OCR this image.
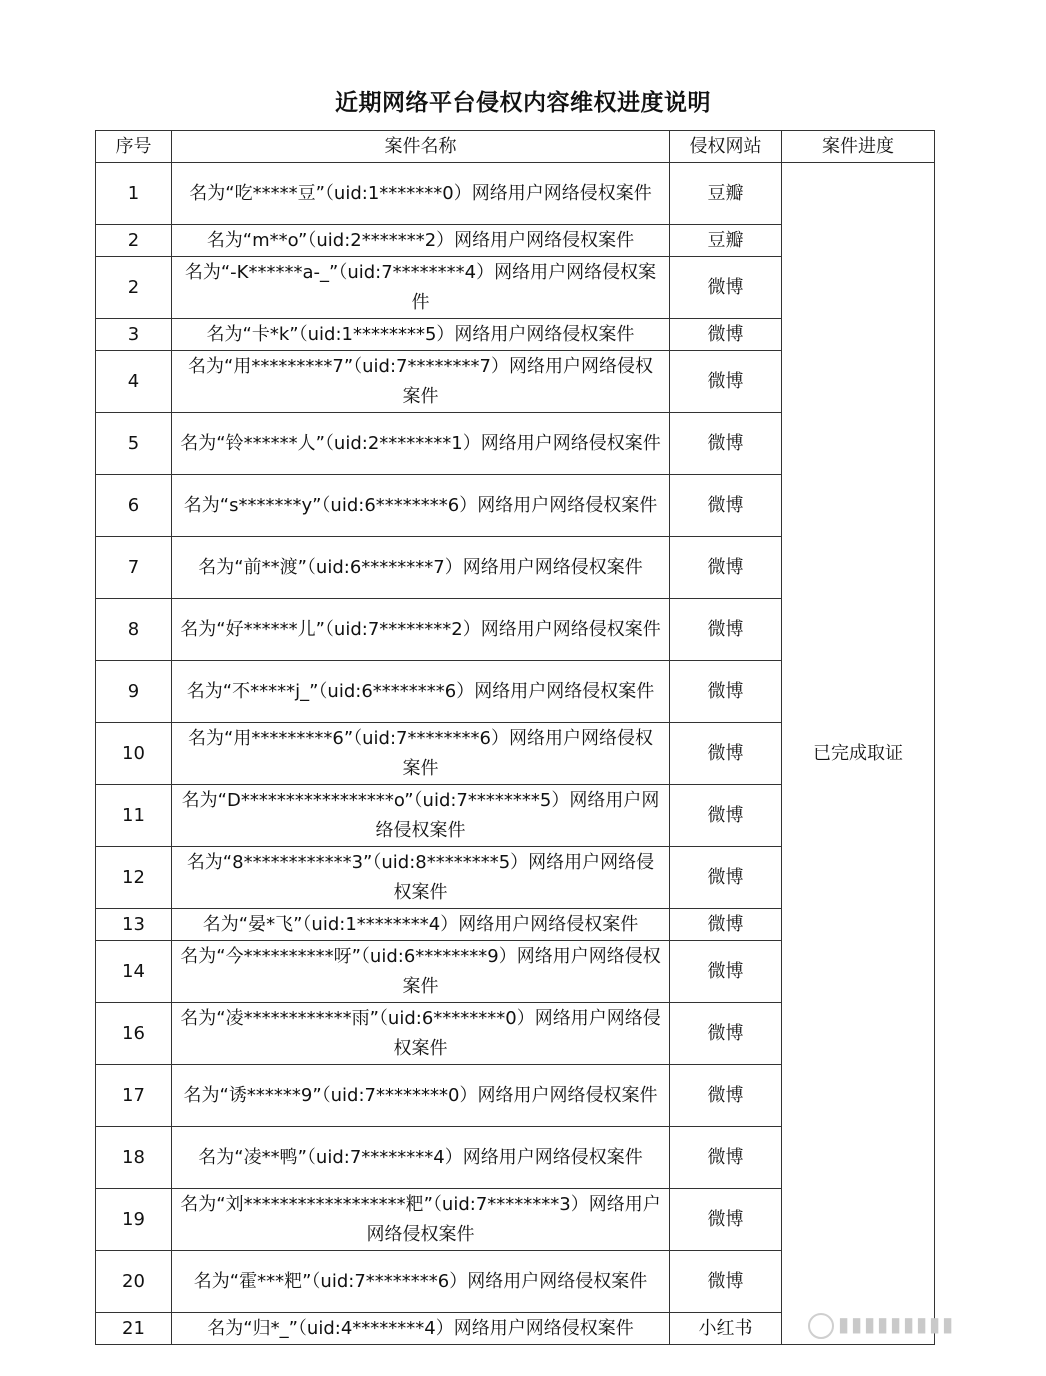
近期网络平台侵权内容维权进度说明
序号	案件名称	侵权网站	案件进度
1	名为“吃*****豆”（uid:1*******0）网络用户网络侵权案件	豆瓣	已完成取证
2	名为“m**o”（uid:2*******2）网络用户网络侵权案件	豆瓣	
2	名为“-K******a-_”（uid:7********4）网络用户网络侵权案件	微博	
3	名为“卡*k”（uid:1********5）网络用户网络侵权案件	微博	
4	名为“用*********7”（uid:7********7）网络用户网络侵权案件	微博	
5	名为“铃******人”（uid:2********1）网络用户网络侵权案件	微博	
6	名为“s*******y”（uid:6********6）网络用户网络侵权案件	微博	
7	名为“前**渡”（uid:6********7）网络用户网络侵权案件	微博	
8	名为“好******儿”（uid:7********2）网络用户网络侵权案件	微博	
9	名为“不*****j_”（uid:6********6）网络用户网络侵权案件	微博	
10	名为“用*********6”（uid:7********6）网络用户网络侵权案件	微博	
11	名为“D*****************o”（uid:7********5）网络用户网络侵权案件	微博	
12	名为“8************3”（uid:8********5）网络用户网络侵权案件	微博	
13	名为“晏*飞”（uid:1********4）网络用户网络侵权案件	微博	
14	名为“今**********呀”（uid:6********9）网络用户网络侵权案件	微博	
16	名为“凌************雨”（uid:6********0）网络用户网络侵权案件	微博	
17	名为“诱******9”（uid:7********0）网络用户网络侵权案件	微博	
18	名为“凌**鸭”（uid:7********4）网络用户网络侵权案件	微博	
19	名为“刘******************粑”（uid:7********3）网络用户网络侵权案件	微博	
20	名为“霍***粑”（uid:7********6）网络用户网络侵权案件	微博	
21	名为“归*_”（uid:4********4）网络用户网络侵权案件	小红书		▮▮▮▮▮▮▮▮▮
